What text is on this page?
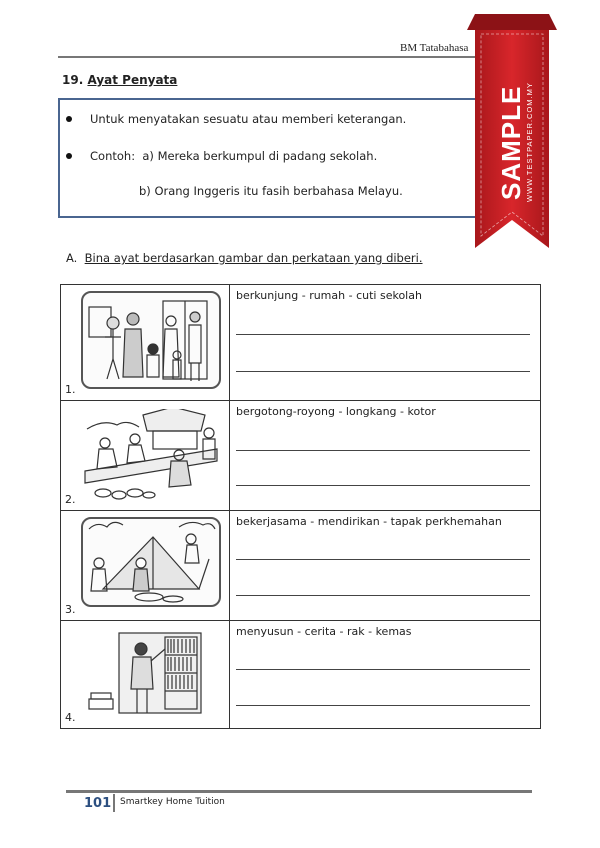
BM Tatabahasa
19. Ayat Penyata
Untuk menyatakan sesuatu atau memberi keterangan.
Contoh: a) Mereka berkumpul di padang sekolah.
b) Orang Inggeris itu fasih berbahasa Melayu.
A. Bina ayat berdasarkan gambar dan perkataan yang diberi.
1.	berkunjung - rumah - cuti sekolah

2.	bergotong-royong - longkang - kotor

3.	bekerjasama - mendirikan - tapak perkhemahan

4.	menyusun - cerita - rak - kemas
101 Smartkey Home Tuition
SAMPLE WWW.TESTPAPER.COM.MY
